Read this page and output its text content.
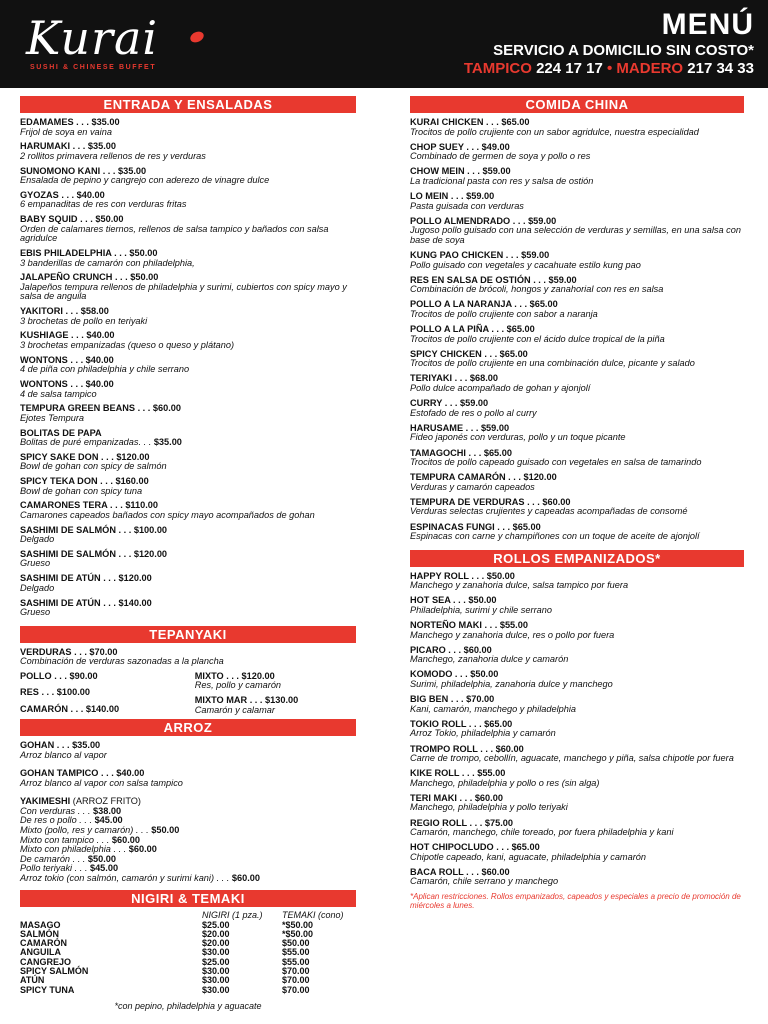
Kurai
SUSHI & CHINESE BUFFET
MENÚ
SERVICIO A DOMICILIO SIN COSTO*
TAMPICO 224 17 17 • MADERO 217 34 33
ENTRADA Y ENSALADAS
EDAMAMES . . . $35.00
Frijol de soya en vaina
HARUMAKI . . . $35.00
2 rollitos primavera rellenos de res y verduras
SUNOMONO KANI . . . $35.00
Ensalada de pepino y cangrejo con aderezo de vinagre dulce
GYOZAS . . . $40.00
6 empanaditas de res con verduras fritas
BABY SQUID . . . $50.00
Orden de calamares tiernos, rellenos de salsa tampico y bañados con salsa agridulce
EBIS PHILADELPHIA . . . $50.00
3 banderillas de camarón con philadelphia,
JALAPEÑO CRUNCH . . . $50.00
Jalapeños tempura rellenos de philadelphia y surimi, cubiertos con spicy mayo y salsa de anguila
YAKITORI . . . $58.00
3 brochetas de pollo en teriyaki
KUSHIAGE . . . $40.00
3 brochetas empanizadas (queso o queso y plátano)
WONTONS . . . $40.00
4 de piña con philadelphia y chile serrano
WONTONS . . . $40.00
4 de salsa tampico
TEMPURA GREEN BEANS . . . $60.00
Ejotes Tempura
BOLITAS DE PAPA
Bolitas de puré empanizadas. . . $35.00
SPICY SAKE DON . . . $120.00
Bowl de gohan con spicy de salmón
SPICY TEKA DON . . . $160.00
Bowl de gohan con spicy tuna
CAMARONES TERA . . . $110.00
Camarones capeados bañados con spicy mayo acompañados de gohan
SASHIMI DE SALMÓN . . . $100.00
Delgado
SASHIMI DE SALMÓN . . . $120.00
Grueso
SASHIMI DE ATÚN . . . $120.00
Delgado
SASHIMI DE ATÚN . . . $140.00
Grueso
TEPANYAKI
VERDURAS . . . $70.00
Combinación de verduras sazonadas a la plancha
POLLO . . . $90.00
RES . . . $100.00
CAMARÓN . . . $140.00
MIXTO . . . $120.00
Res, pollo y camarón
MIXTO MAR . . . $130.00
Camarón y calamar
ARROZ
GOHAN . . . $35.00
Arroz blanco al vapor
GOHAN TAMPICO . . . $40.00
Arroz blanco al vapor con salsa tampico
YAKIMESHI (ARROZ FRITO)
Con verduras . . . $38.00
De res o pollo . . . $45.00
Mixto (pollo, res y camarón) . . . $50.00
Mixto con tampico . . . $60.00
Mixto con philadelphia . . . $60.00
De camarón . . . $50.00
Pollo teriyaki . . . $45.00
Arroz tokio (con salmón, camarón y surimi kani) . . . $60.00
NIGIRI & TEMAKI
NIGIRI (1 pza.)	TEMAKI (cono)
MASAGO	$25.00	*$50.00
SALMÓN	$20.00	*$50.00
CAMARÓN	$20.00	$50.00
ANGUILA	$30.00	$55.00
CANGREJO	$25.00	$55.00
SPICY SALMÓN	$30.00	$70.00
ATÚN	$30.00	$70.00
SPICY TUNA	$30.00	$70.00
*con pepino, philadelphia y aguacate
COMIDA CHINA
KURAI CHICKEN . . . $65.00
Trocitos de pollo crujiente con un sabor agridulce, nuestra especialidad
CHOP SUEY . . . $49.00
Combinado de germen de soya y pollo o res
CHOW MEIN . . . $59.00
La tradicional pasta con res y salsa de ostión
LO MEIN . . . $59.00
Pasta guisada con verduras
POLLO ALMENDRADO . . . $59.00
Jugoso pollo guisado con una selección de verduras y semillas, en una salsa con base de soya
KUNG PAO CHICKEN . . . $59.00
Pollo guisado con vegetales y cacahuate estilo kung pao
RES EN SALSA DE OSTIÓN . . . $59.00
Combinación de brócoli, hongos y zanahoriaI con res en salsa
POLLO A LA NARANJA . . . $65.00
Trocitos de pollo crujiente con sabor a naranja
POLLO A LA PIÑA . . . $65.00
Trocitos de pollo crujiente con el ácido dulce tropical de la piña
SPICY CHICKEN . . . $65.00
Trocitos de pollo crujiente en una combinación dulce, picante y salado
TERIYAKI . . . $68.00
Pollo dulce acompañado de gohan y ajonjolí
CURRY . . . $59.00
Estofado de res o pollo al curry
HARUSAME . . . $59.00
Fideo japonés con verduras, pollo y un toque picante
TAMAGOCHI . . . $65.00
Trocitos de pollo capeado guisado con vegetales en salsa de tamarindo
TEMPURA CAMARÓN . . . $120.00
Verduras y camarón capeados
TEMPURA DE VERDURAS . . . $60.00
Verduras selectas crujientes y capeadas acompañadas de consomé
ESPINACAS FUNGI . . . $65.00
Espinacas con carne y champiñones con un toque de aceite de ajonjolí
ROLLOS EMPANIZADOS*
HAPPY ROLL . . . $50.00
Manchego y zanahoria dulce, salsa tampico por fuera
HOT SEA . . . $50.00
Philadelphia, surimi y chile serrano
NORTEÑO MAKI . . . $55.00
Manchego y zanahoria dulce, res o pollo por fuera
PICARO . . . $60.00
Manchego, zanahoria dulce y camarón
KOMODO . . . $50.00
Surimi, philadelphia, zanahoria dulce y manchego
BIG BEN . . . $70.00
Kani, camarón, manchego y philadelphia
TOKIO ROLL . . . $65.00
Arroz Tokio, philadelphia y camarón
TROMPO ROLL . . . $60.00
Carne de trompo, cebollín, aguacate, manchego y piña, salsa chipotle por fuera
KIKE ROLL . . . $55.00
Manchego, philadelphia y pollo o res (sin alga)
TERI MAKI . . . $60.00
Manchego, philadelphia y pollo teriyaki
REGIO ROLL . . . $75.00
Camarón, manchego, chile toreado, por fuera philadelphia y kani
HOT CHIPOCLUDO . . . $65.00
Chipotle capeado, kani, aguacate, philadelphia y camarón
BACA ROLL . . . $60.00
Camarón, chile serrano y manchego
*Aplican restricciones. Rollos empanizados, capeados y especiales a precio de promoción de miércoles a lunes.
